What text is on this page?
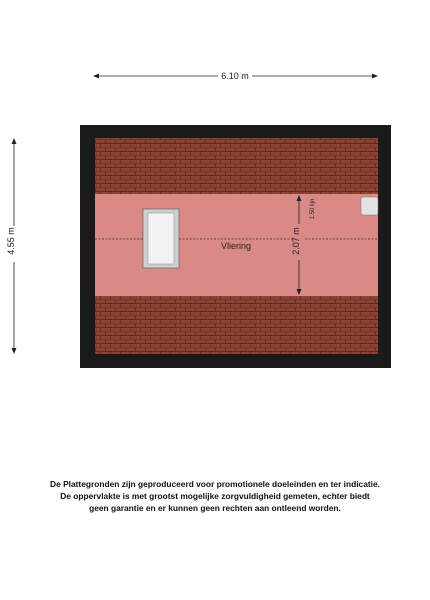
6.10 m
4.55 m	2.07 m
1.50 lijn
Vliering
De Plattegronden zijn geproduceerd voor promotionele doeleinden en ter indicatie.
De oppervlakte is met grootst mogelijke zorgvuldigheid gemeten, echter biedt
geen garantie en er kunnen geen rechten aan ontleend worden.
